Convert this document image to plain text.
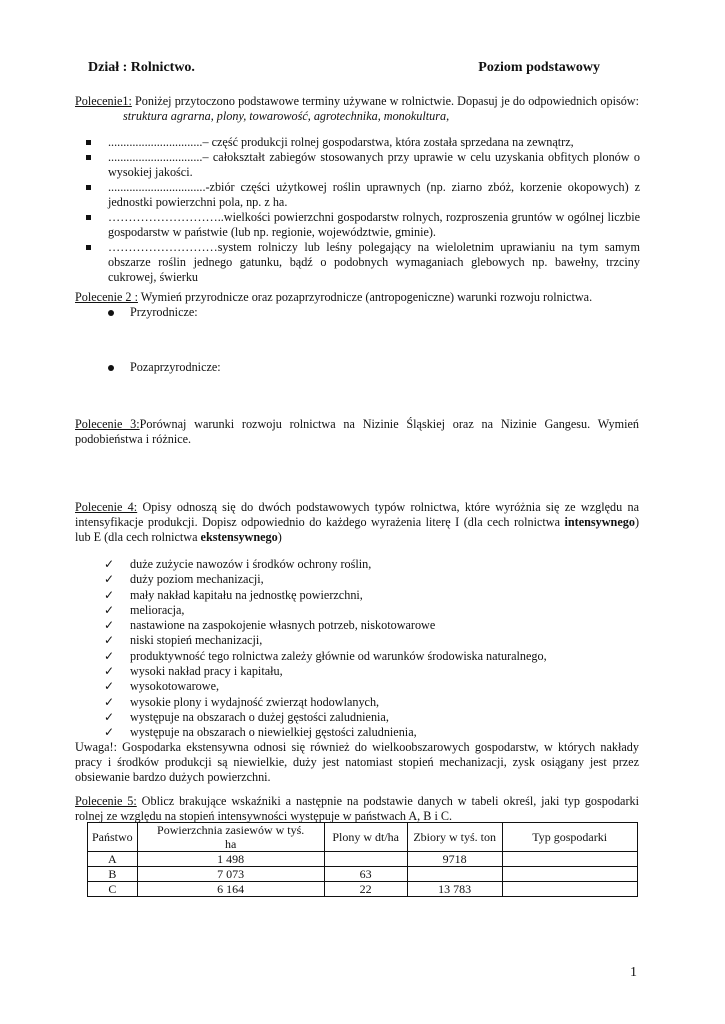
Dział : Rolnictwo.	Poziom podstawowy
Polecenie1: Poniżej przytoczono podstawowe terminy używane w rolnictwie. Dopasuj je do odpowiednich opisów: struktura agrarna, plony, towarowość, agrotechnika, monokultura,
...............................– część produkcji rolnej gospodarstwa, która została sprzedana na zewnątrz,
...............................– całokształt zabiegów stosowanych przy uprawie w celu uzyskania obfitych plonów o wysokiej jakości.
................................-zbiór części użytkowej roślin uprawnych (np. ziarno zbóż, korzenie okopowych) z jednostki powierzchni pola, np. z ha.
………………………..wielkości powierzchni gospodarstw rolnych, rozproszenia gruntów w ogólnej liczbie gospodarstw w państwie (lub np. regionie, województwie, gminie).
………………………system rolniczy lub leśny polegający na wieloletnim uprawianiu na tym samym obszarze roślin jednego gatunku, bądź o podobnych wymaganiach glebowych np. bawełny, trzciny cukrowej, świerku
Polecenie 2 : Wymień przyrodnicze oraz pozaprzyrodnicze (antropogeniczne) warunki rozwoju rolnictwa.
Przyrodnicze:
Pozaprzyrodnicze:
Polecenie 3:Porównaj warunki rozwoju rolnictwa na Nizinie Śląskiej oraz na Nizinie Gangesu. Wymień podobieństwa i różnice.
Polecenie 4: Opisy odnoszą się do dwóch podstawowych typów rolnictwa, które wyróżnia się ze względu na intensyfikacje produkcji. Dopisz odpowiednio do każdego wyrażenia literę I (dla cech rolnictwa intensywnego) lub E (dla cech rolnictwa ekstensywnego)
✓ duże zużycie nawozów i środków ochrony roślin,
✓ duży poziom mechanizacji,
✓ mały nakład kapitału na jednostkę powierzchni,
✓ melioracja,
✓ nastawione na zaspokojenie własnych potrzeb, niskotowarowe
✓ niski stopień mechanizacji,
✓ produktywność tego rolnictwa zależy głównie od warunków środowiska naturalnego,
✓ wysoki nakład pracy i kapitału,
✓ wysokotowarowe,
✓ wysokie plony i wydajność zwierząt hodowlanych,
✓ występuje na obszarach o dużej gęstości zaludnienia,
✓ występuje na obszarach o niewielkiej gęstości zaludnienia,
Uwaga!: Gospodarka ekstensywna odnosi się również do wielkoobszarowych gospodarstw, w których nakłady pracy i środków produkcji są niewielkie, duży jest natomiast stopień mechanizacji, zysk osiągany jest przez obsiewanie bardzo dużych powierzchni.
Polecenie 5: Oblicz brakujące wskaźniki a następnie na podstawie danych w tabeli określ, jaki typ gospodarki rolnej ze względu na stopień intensywności występuje w państwach A, B i C.
Państwo	Powierzchnia zasiewów w tyś. ha	Plony w dt/ha	Zbiory w tyś. ton	Typ gospodarki
A	1 498		9718	
B	7 073	63		
C	6 164	22	13 783	
1
